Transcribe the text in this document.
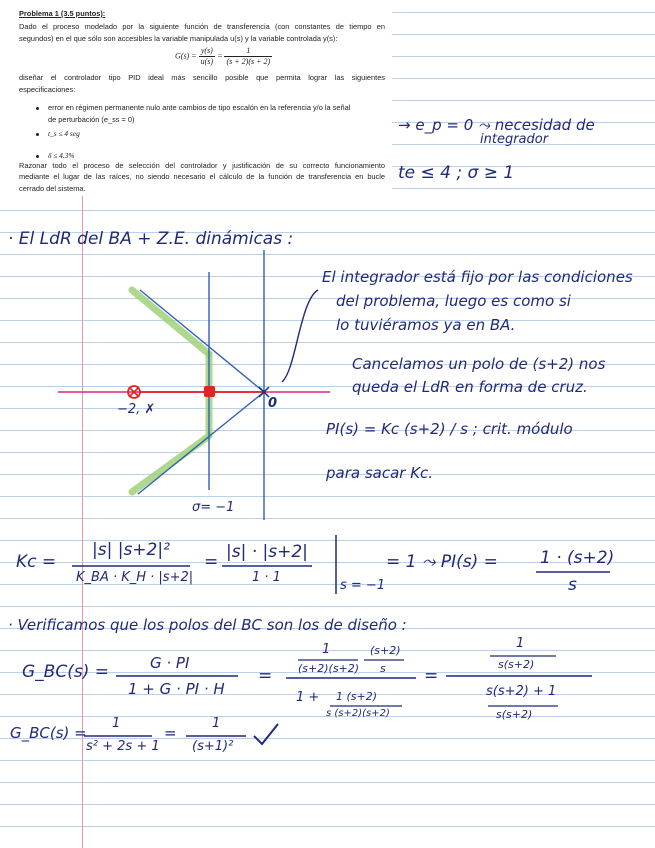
Problema 1 (3.5 puntos):
Dado el proceso modelado por la siguiente función de transferencia (con constantes de tiempo en
segundos) en el que sólo son accesibles la variable manipulada u(s) y la variable controlada y(s):
$G(s) = \frac{y(s)}{u(s)} = \frac{1}{(s + 2)(s + 2)}$
diseñar el controlador tipo PID ideal más sencillo posible que permita lograr las siguientes
especificaciones:
error en régimen permanente nulo ante cambios de tipo escalón en la referencia y/o la señal
de perturbación (e_ss = 0)
t_s ≤ 4 seg
δ ≤ 4.3%
Razonar todo el proceso de selección del controlador y justificación de su correcto funcionamiento
mediante el lugar de las raíces, no siendo necesario el cálculo de la función de transferencia en bucle
cerrado del sistema.
→ e_p = 0 ⤳ necesidad de
integrador
te ≤ 4 ; σ ≥ 1
· El LdR del BA + Z.E. dinámicas :
−2, ✗	0
σ= −1
El integrador está fijo por las condiciones
del problema, luego es como si
lo tuviéramos ya en BA.
Cancelamos un polo de (s+2) nos
queda el LdR en forma de cruz.
PI(s) = Kc (s+2) / s ; crit. módulo
para sacar Kc.
Kc =
|s| |s+2|²
K_BA · K_H · |s+2|
= |s| · |s+2|
1 · 1
s = −1
= 1 ⤳ PI(s) = 1 · (s+2)
s
· Verificamos que los polos del BC son los de diseño :
G_BC(s) =	G · PI
1 + G · PI · H
=
1
(s+2)(s+2)
(s+2)
s
1 + 1 (s+2)
s (s+2)(s+2)
=
1
s(s+2)
s(s+2) + 1
s(s+2)
G_BC(s) =
1
s² + 2s + 1
=
1
(s+1)²
